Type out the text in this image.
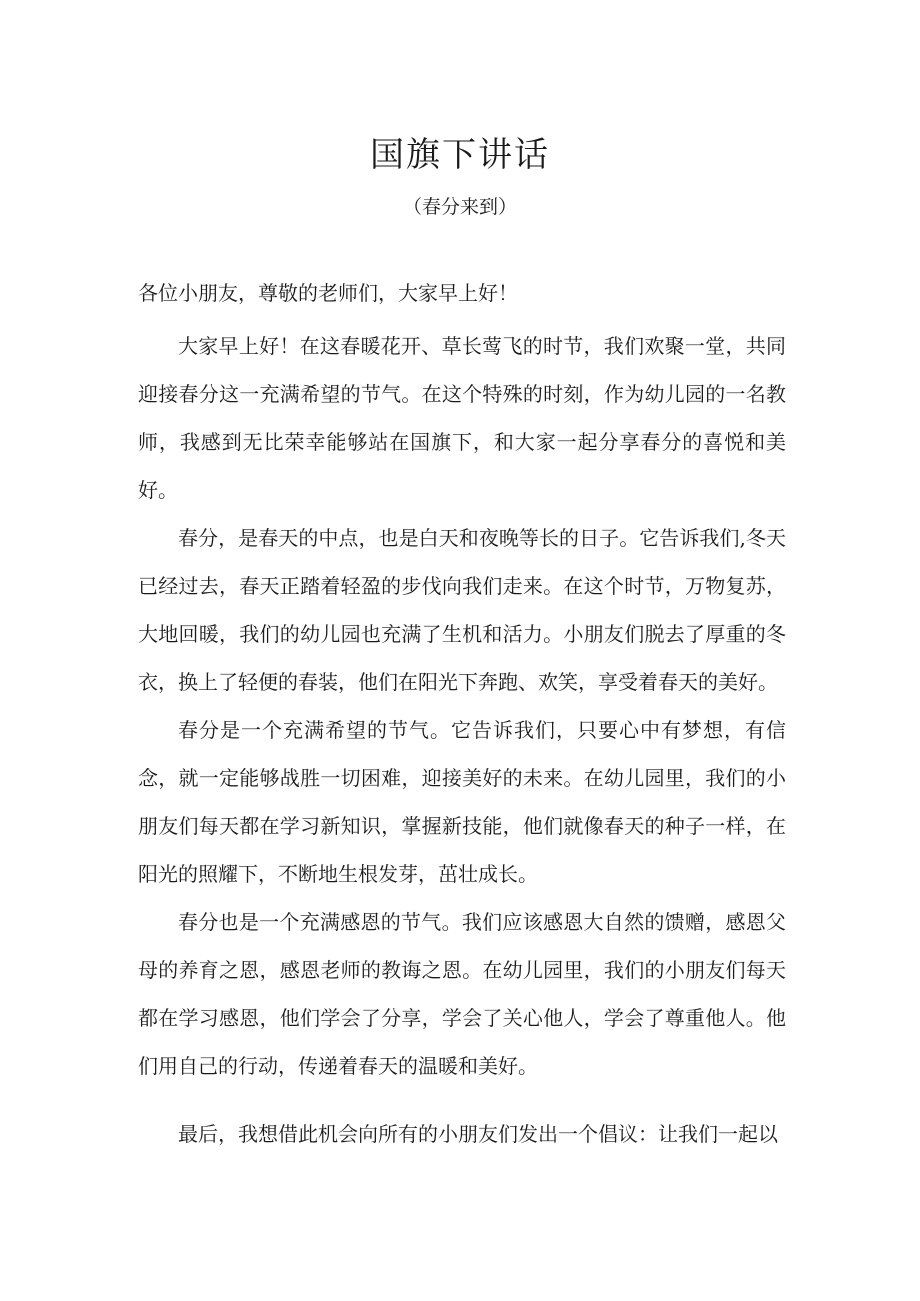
国旗下讲话
（春分来到）

各位小朋友，尊敬的老师们，大家早上好！

大家早上好！在这春暖花开、草长莺飞的时节，我们欢聚一堂，共同迎接春分这一充满希望的节气。在这个特殊的时刻，作为幼儿园的一名教师，我感到无比荣幸能够站在国旗下，和大家一起分享春分的喜悦和美好。

春分，是春天的中点，也是白天和夜晚等长的日子。它告诉我们,冬天已经过去，春天正踏着轻盈的步伐向我们走来。在这个时节，万物复苏，大地回暖，我们的幼儿园也充满了生机和活力。小朋友们脱去了厚重的冬衣，换上了轻便的春装，他们在阳光下奔跑、欢笑，享受着春天的美好。

春分是一个充满希望的节气。它告诉我们，只要心中有梦想，有信念，就一定能够战胜一切困难，迎接美好的未来。在幼儿园里，我们的小朋友们每天都在学习新知识，掌握新技能，他们就像春天的种子一样，在阳光的照耀下，不断地生根发芽，茁壮成长。

春分也是一个充满感恩的节气。我们应该感恩大自然的馈赠，感恩父母的养育之恩，感恩老师的教诲之恩。在幼儿园里，我们的小朋友们每天都在学习感恩，他们学会了分享，学会了关心他人，学会了尊重他人。他们用自己的行动，传递着春天的温暖和美好。

最后，我想借此机会向所有的小朋友们发出一个倡议：让我们一起以
